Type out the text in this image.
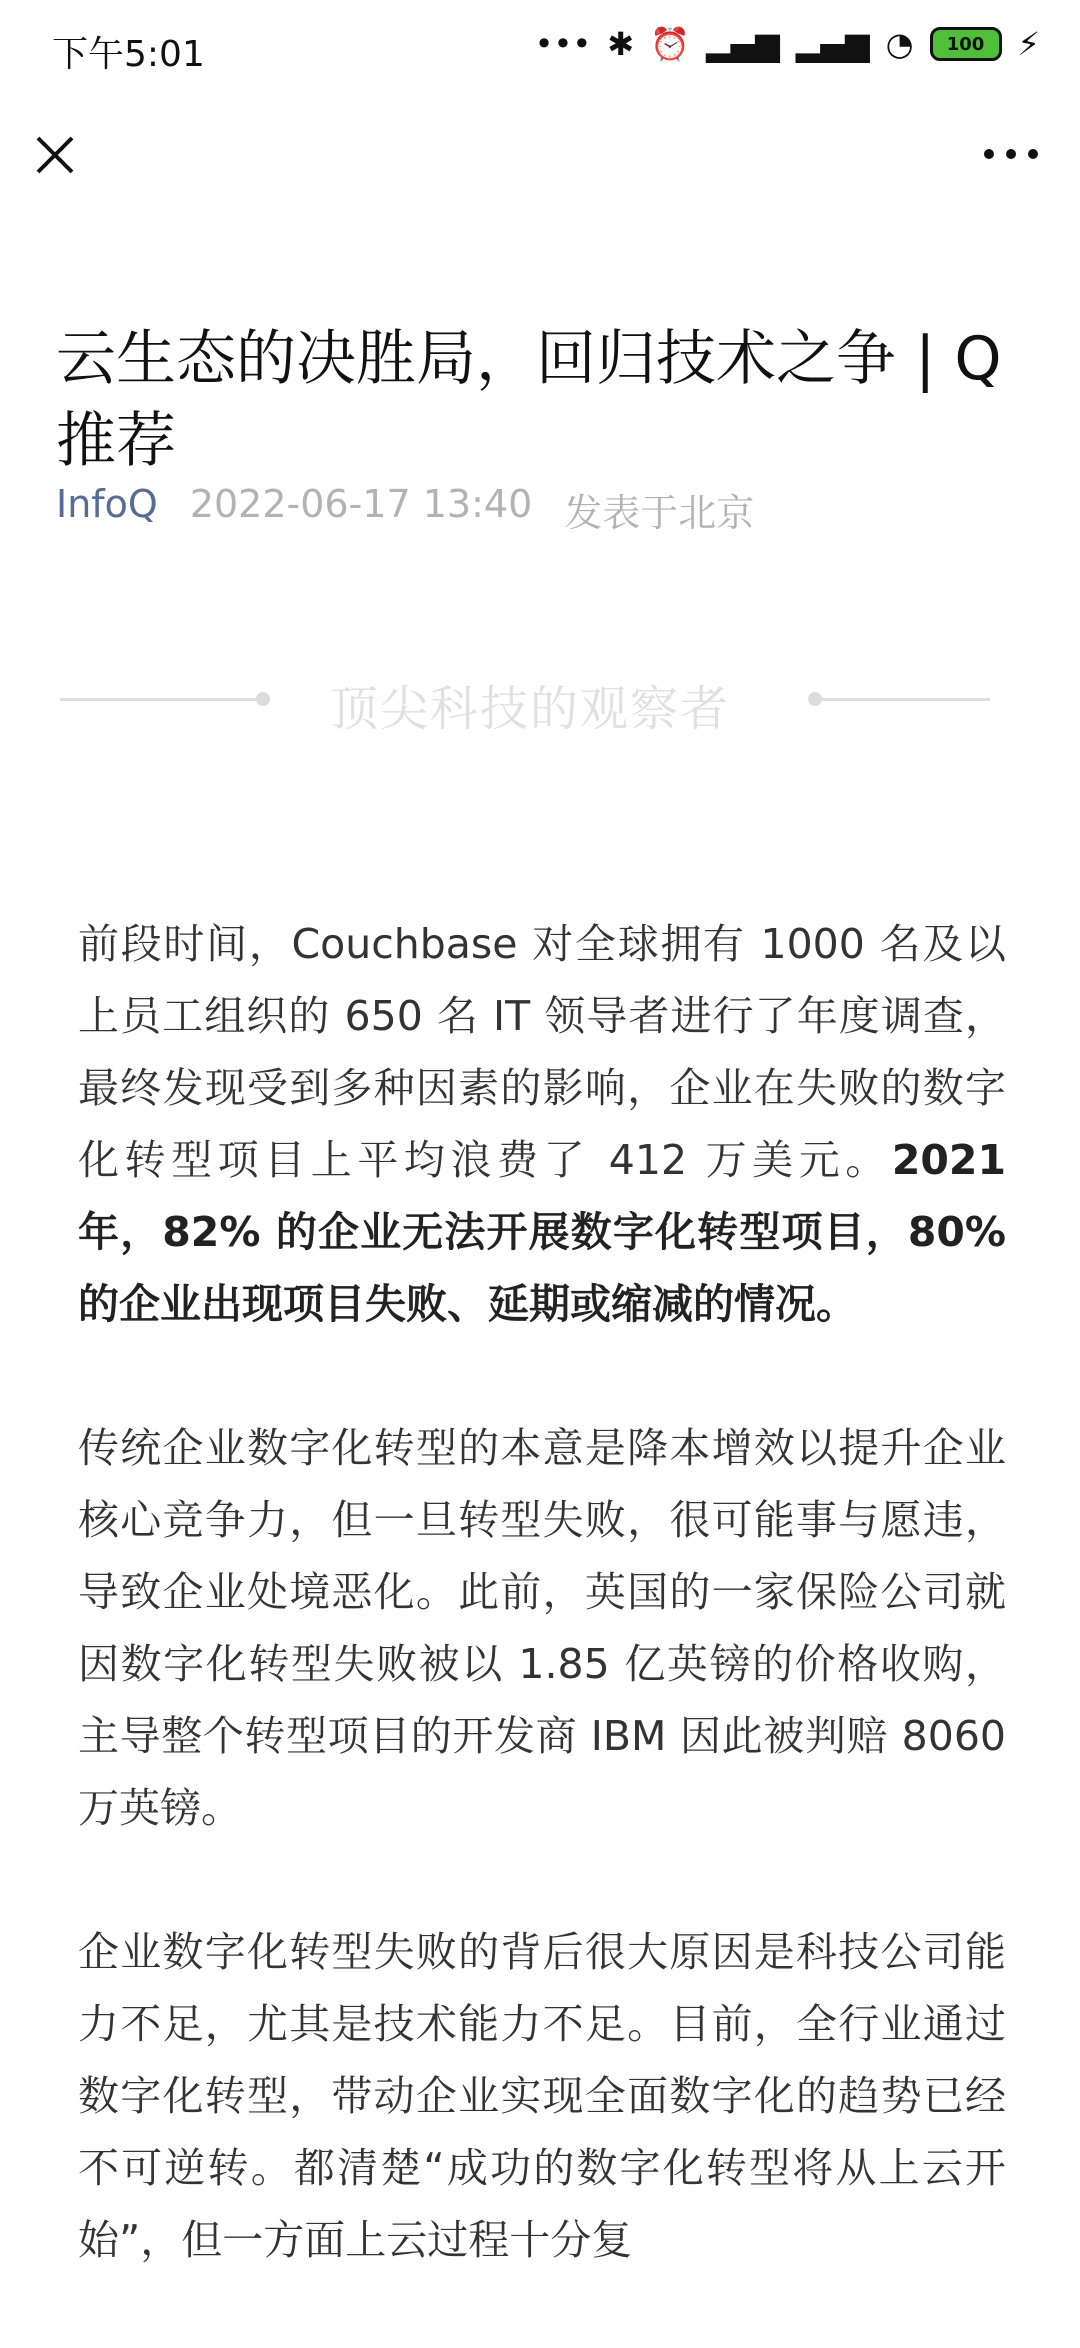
下午5:01	••• ✱ ⏰ ▂▄▆ ▂▄▆ ◔	100	⚡
云生态的决胜局，回归技术之争 | Q 推荐
InfoQ 2022-06-17 13:40 发表于北京
顶尖科技的观察者

前段时间，Couchbase 对全球拥有 1000 名及以上员工组织的 650 名 IT 领导者进行了年度调查，最终发现受到多种因素的影响，企业在失败的数字化转型项目上平均浪费了 412 万美元。2021 年，82% 的企业无法开展数字化转型项目，80% 的企业出现项目失败、延期或缩减的情况。

传统企业数字化转型的本意是降本增效以提升企业核心竞争力，但一旦转型失败，很可能事与愿违，导致企业处境恶化。此前，英国的一家保险公司就因数字化转型失败被以 1.85 亿英镑的价格收购，主导整个转型项目的开发商 IBM 因此被判赔 8060 万英镑。

企业数字化转型失败的背后很大原因是科技公司能力不足，尤其是技术能力不足。目前，全行业通过数字化转型，带动企业实现全面数字化的趋势已经不可逆转。都清楚“成功的数字化转型将从上云开始”，但一方面上云过程十分复
